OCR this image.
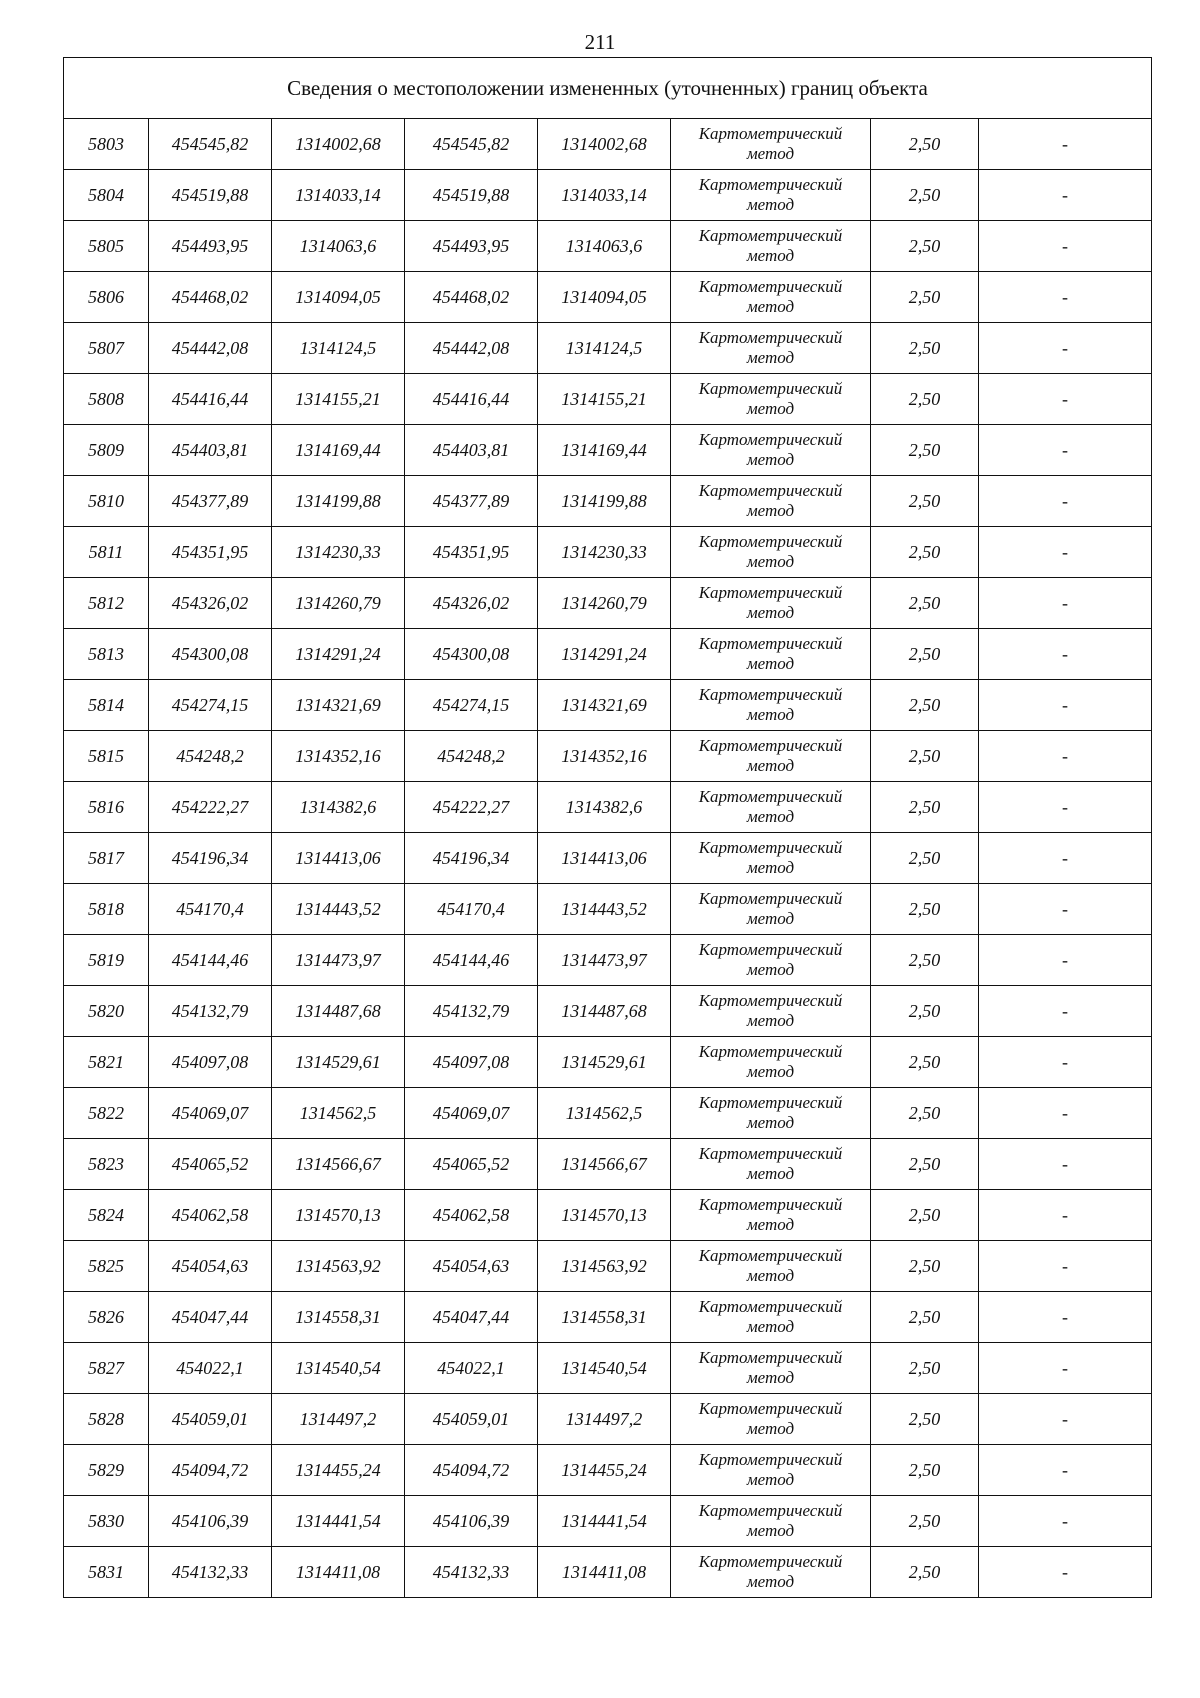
211
Сведения о местоположении измененных (уточненных) границ объекта							
5803	454545,82	1314002,68	454545,82	1314002,68	Картометрический
метод	2,50	-
5804	454519,88	1314033,14	454519,88	1314033,14	Картометрический
метод	2,50	-
5805	454493,95	1314063,6	454493,95	1314063,6	Картометрический
метод	2,50	-
5806	454468,02	1314094,05	454468,02	1314094,05	Картометрический
метод	2,50	-
5807	454442,08	1314124,5	454442,08	1314124,5	Картометрический
метод	2,50	-
5808	454416,44	1314155,21	454416,44	1314155,21	Картометрический
метод	2,50	-
5809	454403,81	1314169,44	454403,81	1314169,44	Картометрический
метод	2,50	-
5810	454377,89	1314199,88	454377,89	1314199,88	Картометрический
метод	2,50	-
5811	454351,95	1314230,33	454351,95	1314230,33	Картометрический
метод	2,50	-
5812	454326,02	1314260,79	454326,02	1314260,79	Картометрический
метод	2,50	-
5813	454300,08	1314291,24	454300,08	1314291,24	Картометрический
метод	2,50	-
5814	454274,15	1314321,69	454274,15	1314321,69	Картометрический
метод	2,50	-
5815	454248,2	1314352,16	454248,2	1314352,16	Картометрический
метод	2,50	-
5816	454222,27	1314382,6	454222,27	1314382,6	Картометрический
метод	2,50	-
5817	454196,34	1314413,06	454196,34	1314413,06	Картометрический
метод	2,50	-
5818	454170,4	1314443,52	454170,4	1314443,52	Картометрический
метод	2,50	-
5819	454144,46	1314473,97	454144,46	1314473,97	Картометрический
метод	2,50	-
5820	454132,79	1314487,68	454132,79	1314487,68	Картометрический
метод	2,50	-
5821	454097,08	1314529,61	454097,08	1314529,61	Картометрический
метод	2,50	-
5822	454069,07	1314562,5	454069,07	1314562,5	Картометрический
метод	2,50	-
5823	454065,52	1314566,67	454065,52	1314566,67	Картометрический
метод	2,50	-
5824	454062,58	1314570,13	454062,58	1314570,13	Картометрический
метод	2,50	-
5825	454054,63	1314563,92	454054,63	1314563,92	Картометрический
метод	2,50	-
5826	454047,44	1314558,31	454047,44	1314558,31	Картометрический
метод	2,50	-
5827	454022,1	1314540,54	454022,1	1314540,54	Картометрический
метод	2,50	-
5828	454059,01	1314497,2	454059,01	1314497,2	Картометрический
метод	2,50	-
5829	454094,72	1314455,24	454094,72	1314455,24	Картометрический
метод	2,50	-
5830	454106,39	1314441,54	454106,39	1314441,54	Картометрический
метод	2,50	-
5831	454132,33	1314411,08	454132,33	1314411,08	Картометрический
метод	2,50	-
